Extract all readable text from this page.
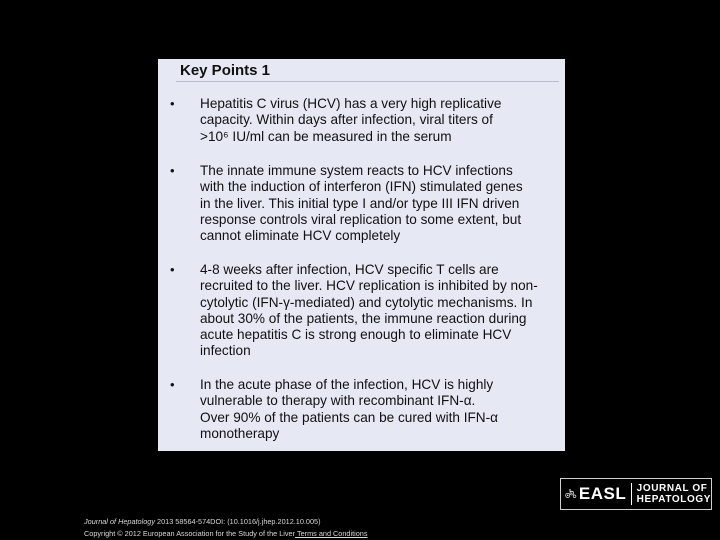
Key Points 1
• Hepatitis C virus (HCV) has a very high replicative
capacity. Within days after infection, viral titers of
>10⁶ IU/ml can be measured in the serum
• The innate immune system reacts to HCV infections
with the induction of interferon (IFN) stimulated genes
in the liver. This initial type I and/or type III IFN driven
response controls viral replication to some extent, but
cannot eliminate HCV completely
• 4-8 weeks after infection, HCV specific T cells are
recruited to the liver. HCV replication is inhibited by non-
cytolytic (IFN-γ-mediated) and cytolytic mechanisms. In
about 30% of the patients, the immune reaction during
acute hepatitis C is strong enough to eliminate HCV
infection
• In the acute phase of the infection, HCV is highly
vulnerable to therapy with recombinant IFN-α.
Over 90% of the patients can be cured with IFN-α
monotherapy
EASL JOURNAL OF
HEPATOLOGY
Journal of Hepatology 2013 58564-574DOI: (10.1016/j.jhep.2012.10.005)
Copyright © 2012 European Association for the Study of the Liver Terms and Conditions
